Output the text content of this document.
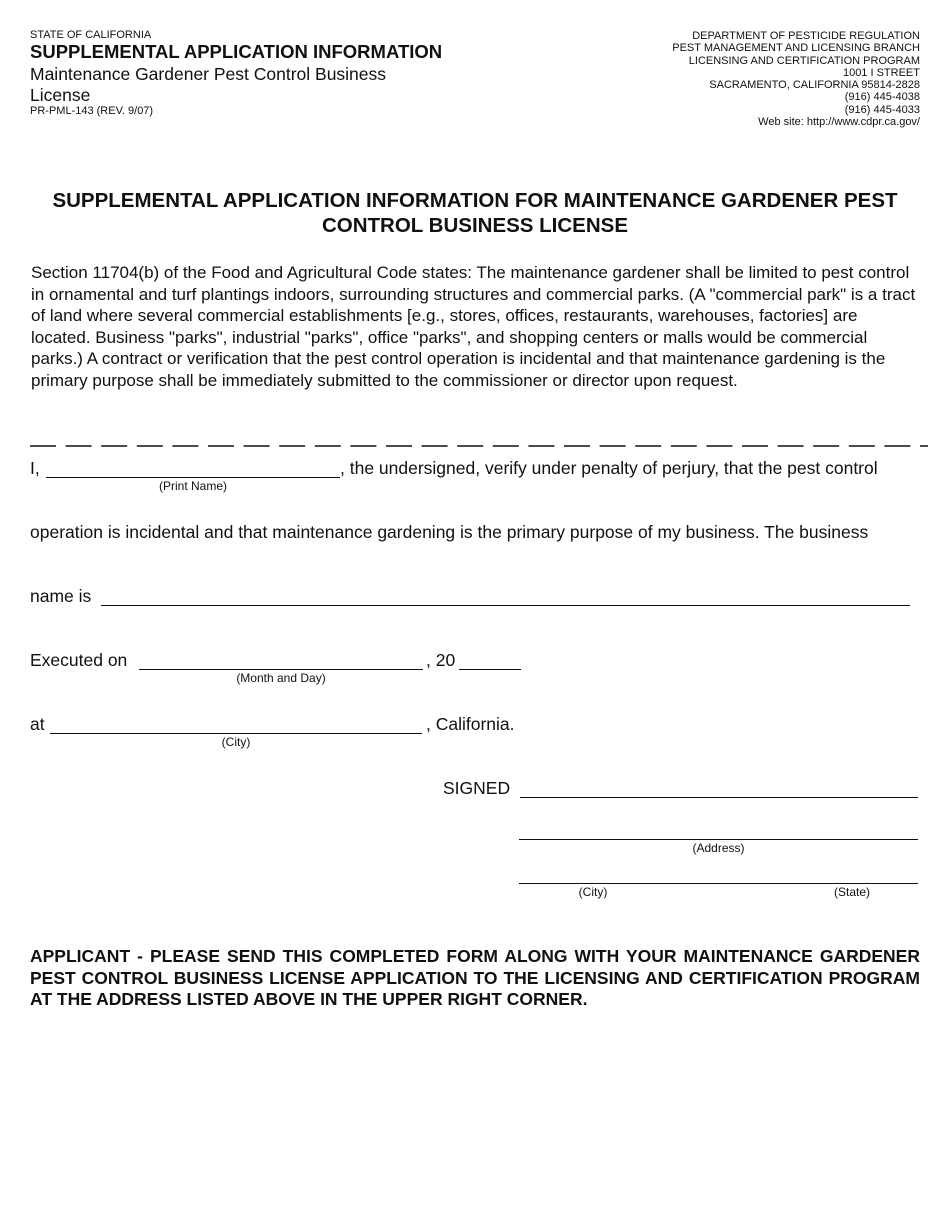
STATE OF CALIFORNIA
SUPPLEMENTAL APPLICATION INFORMATION
Maintenance Gardener Pest Control Business License
PR-PML-143 (REV. 9/07)
DEPARTMENT OF PESTICIDE REGULATION
PEST MANAGEMENT AND LICENSING BRANCH
LICENSING AND CERTIFICATION PROGRAM
1001 I STREET
SACRAMENTO, CALIFORNIA 95814-2828
(916) 445-4038
(916) 445-4033
Web site: http://www.cdpr.ca.gov/
SUPPLEMENTAL APPLICATION INFORMATION FOR MAINTENANCE GARDENER PEST CONTROL BUSINESS LICENSE
Section 11704(b) of the Food and Agricultural Code states: The maintenance gardener shall be limited to pest control in ornamental and turf plantings indoors, surrounding structures and commercial parks. (A "commercial park" is a tract of land where several commercial establishments [e.g., stores, offices, restaurants, warehouses, factories] are located. Business "parks", industrial "parks", office "parks", and shopping centers or malls would be commercial parks.) A contract or verification that the pest control operation is incidental and that maintenance gardening is the primary purpose shall be immediately submitted to the commissioner or director upon request.
I,
(Print Name)
, the undersigned, verify under penalty of perjury, that the pest control
operation is incidental and that maintenance gardening is the primary purpose of my business. The business
name is
Executed on
(Month and Day)
, 20
at
(City)
, California.
SIGNED
(Address)
(City)	(State)
APPLICANT - PLEASE SEND THIS COMPLETED FORM ALONG WITH YOUR MAINTENANCE GARDENER PEST CONTROL BUSINESS LICENSE APPLICATION TO THE LICENSING AND CERTIFICATION PROGRAM AT THE ADDRESS LISTED ABOVE IN THE UPPER RIGHT CORNER.
